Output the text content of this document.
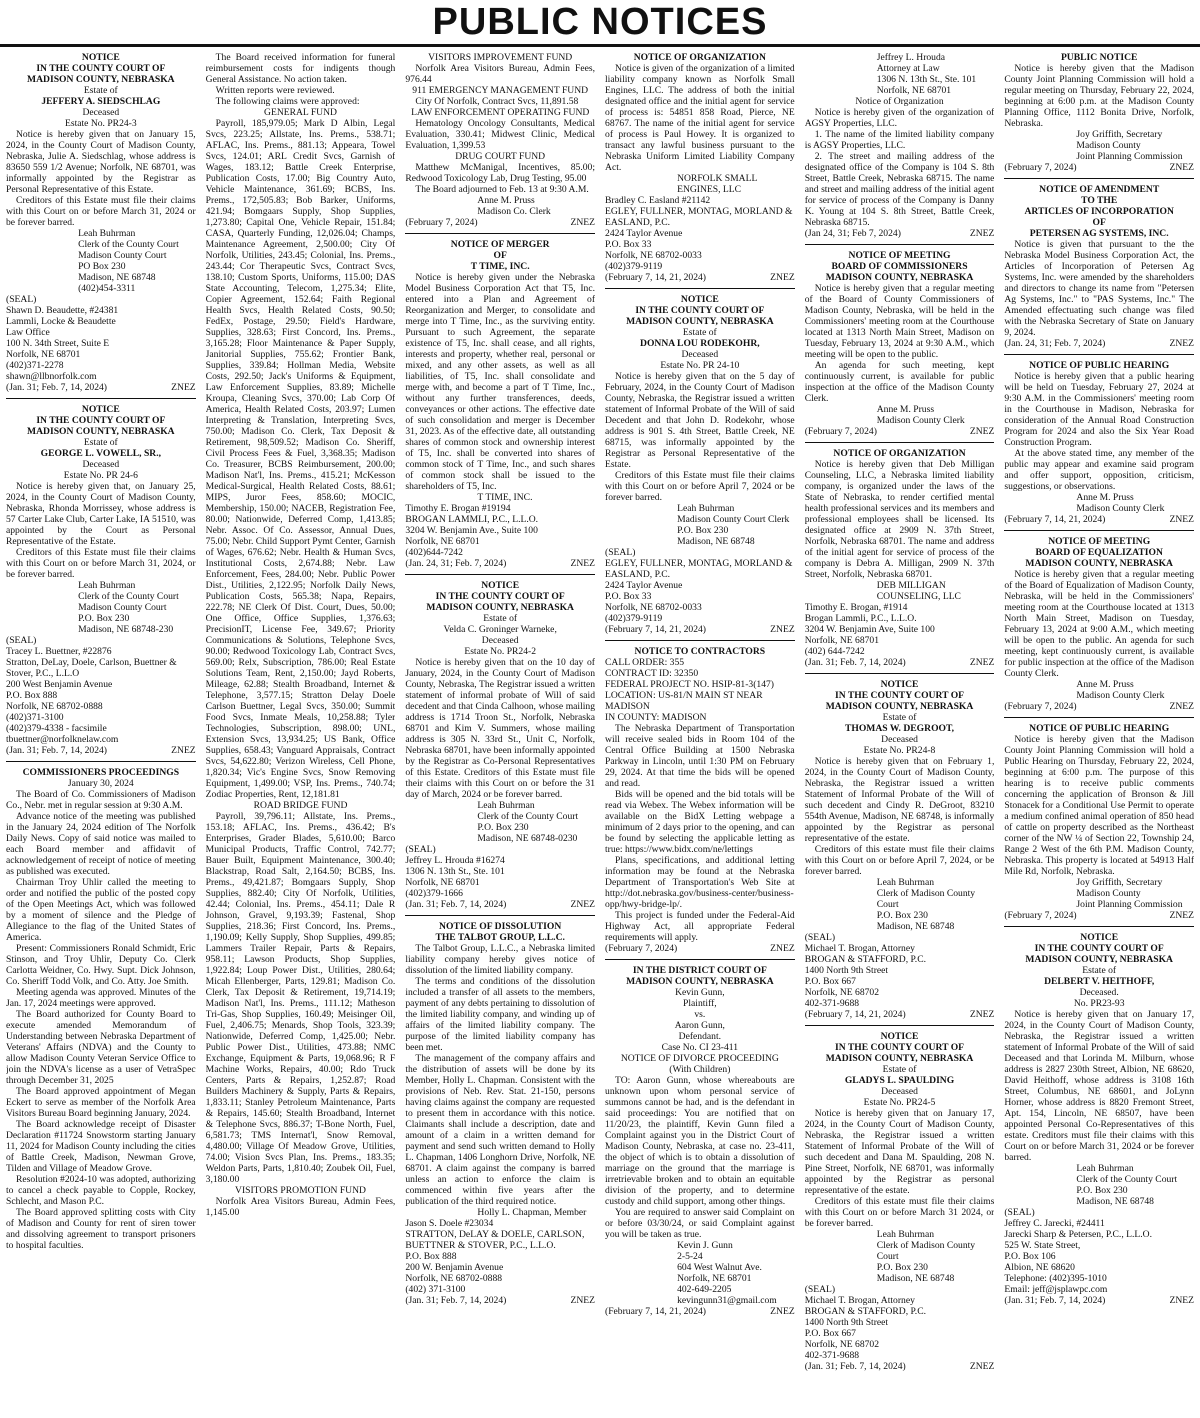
PUBLIC NOTICES
NOTICE
IN THE COUNTY COURT OF
MADISON COUNTY, NEBRASKA
Estate of
JEFFERY A. SIEDSCHLAG
Deceased
Estate No. PR24-3
Notice is hereby given that on January 15, 2024, in the County Court of Madison County, Nebraska, Julie A. Siedschlag, whose address is 83650 559 1/2 Avenue; Norfolk, NE 68701, was informally appointed by the Registrar as Personal Representative of this Estate.
Creditors of this Estate must file their claims with this Court on or before March 31, 2024 or be forever barred.
Leah Buhrman
Clerk of the County Court
Madison County Court
PO Box 230
Madison, NE 68748
(402)454-3311
(SEAL)
Shawn D. Beaudette, #24381
Lammli, Locke & Beaudette
Law Office
100 N. 34th Street, Suite E
Norfolk, NE 68701
(402)371-2278
shawn@llbnorfolk.com
(Jan. 31; Feb. 7, 14, 2024)	ZNEZ
NOTICE
IN THE COUNTY COURT OF
MADISON COUNTY, NEBRASKA
Estate of
GEORGE L. VOWELL, SR.,
Deceased
Estate No. PR 24-6
Notice is hereby given that, on January 25, 2024, in the County Court of Madison County, Nebraska, Rhonda Morrissey, whose address is 57 Carter Lake Club, Carter Lake, IA 51510, was appointed by the Court as Personal Representative of the Estate.
Creditors of this Estate must file their claims with this Court on or before March 31, 2024, or be forever barred.
Leah Buhrman
Clerk of the County Court
Madison County Court
P.O. Box 230
Madison, NE 68748-230
(SEAL)
Tracey L. Buettner, #22876
Stratton, DeLay, Doele, Carlson, Buettner & Stover, P.C., L.L.O
200 West Benjamin Avenue
P.O. Box 888
Norfolk, NE 68702-0888
(402)371-3100
(402)379-4338 - facsimile
tbuettner@norfolknelaw.com
(Jan. 31; Feb. 7, 14, 2024)	ZNEZ
COMMISSIONERS PROCEEDINGS
January 30, 2024
The Board of Co. Commissioners of Madison Co., Nebr. met in regular session at 9:30 A.M.
Advance notice of the meeting was published in the January 24, 2024 edition of The Norfolk Daily News. Copy of said notice was mailed to each Board member and affidavit of acknowledgement of receipt of notice of meeting as published was executed.
Chairman Troy Uhlir called the meeting to order and notified the public of the posted copy of the Open Meetings Act, which was followed by a moment of silence and the Pledge of Allegiance to the flag of the United States of America.
Present: Commissioners Ronald Schmidt, Eric Stinson, and Troy Uhlir, Deputy Co. Clerk Carlotta Weidner, Co. Hwy. Supt. Dick Johnson, Co. Sheriff Todd Volk, and Co. Atty. Joe Smith.
Meeting agenda was approved. Minutes of the Jan. 17, 2024 meetings were approved.
The Board authorized for County Board to execute amended Memorandum of Understanding between Nebraska Department of Veterans' Affairs (NDVA) and the County to allow Madison County Veteran Service Office to join the NDVA's license as a user of VetraSpec through December 31, 2025
The Board approved appointment of Megan Eckert to serve as member of the Norfolk Area Visitors Bureau Board beginning January, 2024.
The Board acknowledge receipt of Disaster Declaration #11724 Snowstorm starting January 11, 2024 for Madison County including the cities of Battle Creek, Madison, Newman Grove, Tilden and Village of Meadow Grove.
Resolution #2024-10 was adopted, authorizing to cancel a check payable to Copple, Rockey, Schlecht, and Mason P.C.
The Board approved splitting costs with City of Madison and County for rent of siren tower and dissolving agreement to transport prisoners to hospital faculties.
The Board received information for funeral reimbursement costs for indigents though General Assistance. No action taken.
Written reports were reviewed.
The following claims were approved:
GENERAL FUND
Payroll, 185,979.05; Mark D Albin, Legal Svcs, 223.25; Allstate, Ins. Prems., 538.71; AFLAC, Ins. Prems., 881.13; Appeara, Towel Svcs, 124.01; ARL Credit Svcs, Garnish of Wages, 183.12; Battle Creek Enterprise, Publication Costs, 17.00; Big Country Auto, Vehicle Maintenance, 361.69; BCBS, Ins. Prems., 172,505.83; Bob Barker, Uniforms, 421.94; Bomgaars Supply, Shop Supplies, 1,273.80; Capital One, Vehicle Repair, 151.84; CASA, Quarterly Funding, 12,026.04; Champs, Maintenance Agreement, 2,500.00; City Of Norfolk, Utilities, 243.45; Colonial, Ins. Prems., 243.44; Cor Therapeutic Svcs, Contract Svcs, 138.10; Custom Sports, Uniforms, 115.00; DAS State Accounting, Telecom, 1,275.34; Elite, Copier Agreement, 152.64; Faith Regional Health Svcs, Health Related Costs, 90.50; FedEx, Postage, 29.50; Field's Hardware, Supplies, 328.63; First Concord, Ins. Prems., 3,165.28; Floor Maintenance & Paper Supply, Janitorial Supplies, 755.62; Frontier Bank, Supplies, 339.84; Hollman Media, Website Costs, 292.50; Jack's Uniforms & Equipment, Law Enforcement Supplies, 83.89; Michelle Kroupa, Cleaning Svcs, 370.00; Lab Corp Of America, Health Related Costs, 203.97; Lumen Interpreting & Translation, Interpreting Svcs, 750.00; Madison Co. Clerk, Tax Deposit & Retirement, 98,509.52; Madison Co. Sheriff, Civil Process Fees & Fuel, 3,368.35; Madison Co. Treasurer, BCBS Reimbursement, 200.00; Madison Nat'l, Ins. Prems., 415.21; McKesson Medical-Surgical, Health Related Costs, 88.61; MIPS, Juror Fees, 858.60; MOCIC, Membership, 150.00; NACEB, Registration Fee, 80.00; Nationwide, Deferred Comp, 1,413.85; Nebr. Assoc. Of Co. Assessor, Annual Dues, 75.00; Nebr. Child Support Pymt Center, Garnish of Wages, 676.62; Nebr. Health & Human Svcs, Institutional Costs, 2,674.88; Nebr. Law Enforcement, Fees, 284.00; Nebr. Public Power Dist., Utilities, 2,122.95; Norfolk Daily News, Publication Costs, 565.38; Napa, Repairs, 222.78; NE Clerk Of Dist. Court, Dues, 50.00; One Office, Office Supplies, 1,376.63; PrecisionIT, License Fee, 349.67; Priority Communications & Solutions, Telephone Svcs, 90.00; Redwood Toxicology Lab, Contract Svcs, 569.00; Relx, Subscription, 786.00; Real Estate Solutions Team, Rent, 2,150.00; Jayd Roberts, Mileage, 62.88; Stealth Broadband, Internet & Telephone, 3,577.15; Stratton Delay Doele Carlson Buettner, Legal Svcs, 350.00; Summit Food Svcs, Inmate Meals, 10,258.88; Tyler Technologies, Subscription, 898.00; UNL, Extension Svcs, 13,934.25; US Bank, Office Supplies, 658.43; Vanguard Appraisals, Contract Svcs, 54,622.80; Verizon Wireless, Cell Phone, 1,820.34; Vic's Engine Svcs, Snow Removing Equipment, 1,499.00; VSP, Ins. Prems., 740.74; Zodiac Properties, Rent, 12,181.81
ROAD BRIDGE FUND
Payroll, 39,796.11; Allstate, Ins. Prems., 153.18; AFLAC, Ins. Prems., 436.42; B's Enterprises, Grader Blades, 5,610.00; Barco Municipal Products, Traffic Control, 742.77; Bauer Built, Equipment Maintenance, 300.40; Blackstrap, Road Salt, 2,164.50; BCBS, Ins. Prems., 49,421.87; Bomgaars Supply, Shop Supplies, 882.40; City Of Norfolk, Utilities, 42.44; Colonial, Ins. Prems., 454.11; Dale R Johnson, Gravel, 9,193.39; Fastenal, Shop Supplies, 218.36; First Concord, Ins. Prems., 1,190.09; Kelly Supply, Shop Supplies, 499.85; Lammers Trailer Repair, Parts & Repairs, 958.11; Lawson Products, Shop Supplies, 1,922.84; Loup Power Dist., Utilities, 280.64; Micah Ellenberger, Parts, 129.81; Madison Co. Clerk, Tax Deposit & Retirement, 19,714.19; Madison Nat'l, Ins. Prems., 111.12; Matheson Tri-Gas, Shop Supplies, 160.49; Meisinger Oil, Fuel, 2,406.75; Menards, Shop Tools, 323.39; Nationwide, Deferred Comp, 1,425.00; Nebr. Public Power Dist., Utilities, 473.88; NMC Exchange, Equipment & Parts, 19,068.96; R F Machine Works, Repairs, 40.00; Rdo Truck Centers, Parts & Repairs, 1,252.87; Road Builders Machinery & Supply, Parts & Repairs, 1,833.11; Stanley Petroleum Maintenance, Parts & Repairs, 145.60; Stealth Broadband, Internet & Telephone Svcs, 886.37; T-Bone North, Fuel, 6,581.73; TMS Internat'l, Snow Removal, 4,480.00; Village Of Meadow Grove, Utilities, 74.00; Vision Svcs Plan, Ins. Prems., 183.35; Weldon Parts, Parts, 1,810.40; Zoubek Oil, Fuel, 3,180.00
VISITORS PROMOTION FUND
Norfolk Area Visitors Bureau, Admin Fees, 1,145.00
VISITORS IMPROVEMENT FUND
Norfolk Area Visitors Bureau, Admin Fees, 976.44
911 EMERGENCY MANAGEMENT FUND
City Of Norfolk, Contract Svcs, 11,891.58
LAW ENFORCEMENT OPERATING FUND
Hematology Oncology Consultants, Medical Evaluation, 330.41; Midwest Clinic, Medical Evaluation, 1,399.53
DRUG COURT FUND
Matthew McManigal, Incentives, 85.00; Redwood Toxicology Lab, Drug Testing, 95.00
The Board adjourned to Feb. 13 at 9:30 A.M.
Anne M. Pruss
Madison Co. Clerk
(February 7, 2024)	ZNEZ
NOTICE OF MERGER
OF
T TIME, INC.
Notice is hereby given under the Nebraska Model Business Corporation Act that T5, Inc. entered into a Plan and Agreement of Reorganization and Merger, to consolidate and merge into T Time, Inc., as the surviving entity. Pursuant to such Agreement, the separate existence of T5, Inc. shall cease, and all rights, interests and property, whether real, personal or mixed, and any other assets, as well as all liabilities, of T5, Inc. shall consolidate and merge with, and become a part of T Time, Inc., without any further transferences, deeds, conveyances or other actions. The effective date of such consolidation and merger is December 31, 2023. As of the effective date, all outstanding shares of common stock and ownership interest of T5, Inc. shall be converted into shares of common stock of T Time, Inc., and such shares of common stock shall be issued to the shareholders of T5, Inc.
T TIME, INC.
Timothy E. Brogan #19194
BROGAN LAMMLI, P.C., L.L.O.
3204 W. Benjamin Ave., Suite 100
Norfolk, NE 68701
(402)644-7242
(Jan. 24, 31; Feb. 7, 2024)	ZNEZ
NOTICE
IN THE COUNTY COURT OF
MADISON COUNTY, NEBRASKA
Estate of
Velda C. Groninger Warneke,
Deceased
Estate No. PR24-2
Notice is hereby given that on the 10 day of January, 2024, in the County Court of Madison County, Nebraska, The Registrar issued a written statement of informal probate of Will of said decedent and that Cinda Calhoon, whose mailing address is 1714 Troon St., Norfolk, Nebraska 68701 and Kim V. Summers, whose mailing address is 305 N. 33rd St., Unit C, Norfolk, Nebraska 68701, have been informally appointed by the Registrar as Co-Personal Representatives of this Estate. Creditors of this Estate must file their claims with this Court on or before the 31 day of March, 2024 or be forever barred.
Leah Buhrman
Clerk of the County Court
P.O. Box 230
Madison, NE 68748-0230
(SEAL)
Jeffrey L. Hrouda #16274
1306 N. 13th St., Ste. 101
Norfolk, NE 68701
(402)379-1666
(Jan. 31; Feb. 7, 14, 2024)	ZNEZ
NOTICE OF DISSOLUTION
THE TALBOT GROUP, L.L.C.
The Talbot Group, L.L.C., a Nebraska limited liability company hereby gives notice of dissolution of the limited liability company.
The terms and conditions of the dissolution included a transfer of all assets to the members, payment of any debts pertaining to dissolution of the limited liability company, and winding up of affairs of the limited liability company. The purpose of the limited liability company has been met.
The management of the company affairs and the distribution of assets will be done by its Member, Holly L. Chapman. Consistent with the provisions of Neb. Rev. Stat. 21-150, persons having claims against the company are requested to present them in accordance with this notice. Claimants shall include a description, date and amount of a claim in a written demand for payment and send such written demand to Holly L. Chapman, 1406 Longhorn Drive, Norfolk, NE 68701. A claim against the company is barred unless an action to enforce the claim is commenced within five years after the publication of the third required notice.
Holly L. Chapman, Member
Jason S. Doele #23034
STRATTON, DeLAY & DOELE, CARLSON, BUETTNER & STOVER, P.C., L.L.O.
P.O. Box 888
200 W. Benjamin Avenue
Norfolk, NE 68702-0888
(402) 371-3100
(Jan. 31; Feb. 7, 14, 2024)	ZNEZ
NOTICE OF ORGANIZATION
Notice is given of the organization of a limited liability company known as Norfolk Small Engines, LLC. The address of both the initial designated office and the initial agent for service of process is: 54851 858 Road, Pierce, NE 68767. The name of the initial agent for service of process is Paul Howey. It is organized to transact any lawful business pursuant to the Nebraska Uniform Limited Liability Company Act.
NORFOLK SMALL ENGINES, LLC
Bradley C. Easland #21142
EGLEY, FULLNER, MONTAG, MORLAND & EASLAND, P.C.
2424 Taylor Avenue
P.O. Box 33
Norfolk, NE 68702-0033
(402)379-9119
(February 7, 14, 21, 2024)	ZNEZ
NOTICE
IN THE COUNTY COURT OF
MADISON COUNTY, NEBRASKA
Estate of
DONNA LOU RODEKOHR,
Deceased
Estate No. PR 24-10
Notice is hereby given that on the 5 day of February, 2024, in the County Court of Madison County, Nebraska, the Registrar issued a written statement of Informal Probate of the Will of said Decedent and that John D. Rodekohr, whose address is 901 S. 4th Street, Battle Creek, NE 68715, was informally appointed by the Registrar as Personal Representative of the Estate.
Creditors of this Estate must file their claims with this Court on or before April 7, 2024 or be forever barred.
Leah Buhrman
Madison County Court Clerk
P.O. Box 230
Madison, NE 68748
(SEAL)
EGLEY, FULLNER, MONTAG, MORLAND & EASLAND, P.C.
2424 Taylor Avenue
P.O. Box 33
Norfolk, NE 68702-0033
(402)379-9119
(February 7, 14, 21, 2024)	ZNEZ
NOTICE TO CONTRACTORS
CALL ORDER: 355
CONTRACT ID: 32350
FEDERAL PROJECT NO. HSIP-81-3(147)
LOCATION: US-81/N MAIN ST NEAR MADISON
IN COUNTY: MADISON
The Nebraska Department of Transportation will receive sealed bids in Room 104 of the Central Office Building at 1500 Nebraska Parkway in Lincoln, until 1:30 PM on February 29, 2024. At that time the bids will be opened and read.
Bids will be opened and the bid totals will be read via Webex. The Webex information will be available on the BidX Letting webpage a minimum of 2 days prior to the opening, and can be found by selecting the applicable letting as true: https://www.bidx.com/ne/lettings
Plans, specifications, and additional letting information may be found at the Nebraska Department of Transportation's Web Site at http://dot.nebraska.gov/business-center/business-opp/hwy-bridge-lp/.
This project is funded under the Federal-Aid Highway Act, all appropriate Federal requirements will apply.
(February 7, 2024)	ZNEZ
IN THE DISTRICT COURT OF
MADISON COUNTY, NEBRASKA
Kevin Gunn,
Plaintiff,
vs.
Aaron Gunn,
Defendant.
Case No. CI 23-411
NOTICE OF DIVORCE PROCEEDING
(With Children)
TO: Aaron Gunn, whose whereabouts are unknown upon whom personal service of summons cannot be had, and is the defendant in said proceedings: You are notified that on 11/20/23, the plaintiff, Kevin Gunn filed a Complaint against you in the District Court of Madison County, Nebraska, at case no. 23-411, the object of which is to obtain a dissolution of marriage on the ground that the marriage is irretrievable broken and to obtain an equitable division of the property, and to determine custody and child support, among other things.
You are required to answer said Complaint on or before 03/30/24, or said Complaint against you will be taken as true.
Kevin J. Gunn
2-5-24
604 West Walnut Ave.
Norfolk, NE 68701
402-649-2205
kevingunn31@gmail.com
(February 7, 14, 21, 2024)	ZNEZ
Jeffrey L. Hrouda
Attorney at Law
1306 N. 13th St., Ste. 101
Norfolk, NE 68701
Notice of Organization
Notice is hereby given of the organization of AGSY Properties, LLC.
1. The name of the limited liability company is AGSY Properties, LLC.
2. The street and mailing address of the designated office of the Company is 104 S. 8th Street, Battle Creek, Nebraska 68715. The name and street and mailing address of the initial agent for service of process of the Company is Danny K. Young at 104 S. 8th Street, Battle Creek, Nebraska 68715.
(Jan 24, 31; Feb 7, 2024)	ZNEZ
NOTICE OF MEETING
BOARD OF COMMISSIONERS
MADISON COUNTY, NEBRASKA
Notice is hereby given that a regular meeting of the Board of County Commissioners of Madison County, Nebraska, will be held in the Commissioners' meeting room at the Courthouse located at 1313 North Main Street, Madison on Tuesday, February 13, 2024 at 9:30 A.M., which meeting will be open to the public.
An agenda for such meeting, kept continuously current, is available for public inspection at the office of the Madison County Clerk.
Anne M. Pruss
Madison County Clerk
(February 7, 2024)	ZNEZ
NOTICE OF ORGANIZATION
Notice is hereby given that Deb Milligan Counseling, LLC, a Nebraska limited liability company, is organized under the laws of the State of Nebraska, to render certified mental health professional services and its members and professional employees shall be licensed. Its designated office at 2909 N. 37th Street, Norfolk, Nebraska 68701. The name and address of the initial agent for service of process of the company is Debra A. Milligan, 2909 N. 37th Street, Norfolk, Nebraska 68701.
DEB MILLIGAN COUNSELING, LLC
Timothy E. Brogan, #1914
Brogan Lammli, P.C., L.L.O.
3204 W. Benjamin Ave, Suite 100
Norfolk, NE 68701
(402) 644-7242
(Jan. 31; Feb. 7, 14, 2024)	ZNEZ
NOTICE
IN THE COUNTY COURT OF
MADISON COUNTY, NEBRASKA
Estate of
THOMAS W. DEGROOT,
Deceased
Estate No. PR24-8
Notice is hereby given that on February 1, 2024, in the County Court of Madison County, Nebraska, the Registrar issued a written Statement of Informal Probate of the Will of such decedent and Cindy R. DeGroot, 83210 554th Avenue, Madison, NE 68748, is informally appointed by the Registrar as personal representative of the estate.
Creditors of this estate must file their claims with this Court on or before April 7, 2024, or be forever barred.
Leah Buhrman
Clerk of Madison County Court
P.O. Box 230
Madison, NE 68748
(SEAL)
Michael T. Brogan, Attorney
BROGAN & STAFFORD, P.C.
1400 North 9th Street
P.O. Box 667
Norfolk, NE 68702
402-371-9688
(February 7, 14, 21, 2024)	ZNEZ
NOTICE
IN THE COUNTY COURT OF
MADISON COUNTY, NEBRASKA
Estate of
GLADYS L. SPAULDING
Deceased
Estate No. PR24-5
Notice is hereby given that on January 17, 2024, in the County Court of Madison County, Nebraska, the Registrar issued a written Statement of Informal Probate of the Will of such decedent and Dana M. Spaulding, 208 N. Pine Street, Norfolk, NE 68701, was informally appointed by the Registrar as personal representative of the estate.
Creditors of this estate must file their claims with this Court on or before March 31 2024, or be forever barred.
Leah Buhrman
Clerk of Madison County Court
P.O. Box 230
Madison, NE 68748
(SEAL)
Michael T. Brogan, Attorney
BROGAN & STAFFORD, P.C.
1400 North 9th Street
P.O. Box 667
Norfolk, NE 68702
402-371-9688
(Jan. 31; Feb. 7, 14, 2024)	ZNEZ
PUBLIC NOTICE
Notice is hereby given that the Madison County Joint Planning Commission will hold a regular meeting on Thursday, February 22, 2024, beginning at 6:00 p.m. at the Madison County Planning Office, 1112 Bonita Drive, Norfolk, Nebraska.
Joy Griffith, Secretary
Madison County
Joint Planning Commission
(February 7, 2024)	ZNEZ
NOTICE OF AMENDMENT
TO THE
ARTICLES OF INCORPORATION
OF
PETERSEN AG SYSTEMS, INC.
Notice is given that pursuant to the the Nebraska Model Business Corporation Act, the Articles of Incorporation of Petersen Ag Systems, Inc. were amended by the shareholders and directors to change its name from "Petersen Ag Systems, Inc." to "PAS Systems, Inc." The Amended effectuating such change was filed with the Nebraska Secretary of State on January 9, 2024.
(Jan. 24, 31; Feb. 7, 2024)	ZNEZ
NOTICE OF PUBLIC HEARING
Notice is hereby given that a public hearing will be held on Tuesday, February 27, 2024 at 9:30 A.M. in the Commissioners' meeting room in the Courthouse in Madison, Nebraska for consideration of the Annual Road Construction Program for 2024 and also the Six Year Road Construction Program.
At the above stated time, any member of the public may appear and examine said program and offer support, opposition, criticism, suggestions, or observations.
Anne M. Pruss
Madison County Clerk
(February 7, 14, 21, 2024)	ZNEZ
NOTICE OF MEETING
BOARD OF EQUALIZATION
MADISON COUNTY, NEBRASKA
Notice is hereby given that a regular meeting of the Board of Equalization of Madison County, Nebraska, will be held in the Commissioners' meeting room at the Courthouse located at 1313 North Main Street, Madison on Tuesday, February 13, 2024 at 9:00 A.M., which meeting will be open to the public. An agenda for such meeting, kept continuously current, is available for public inspection at the office of the Madison County Clerk.
Anne M. Pruss
Madison County Clerk
(February 7, 2024)	ZNEZ
NOTICE OF PUBLIC HEARING
Notice is hereby given that the Madison County Joint Planning Commission will hold a Public Hearing on Thursday, February 22, 2024, beginning at 6:00 p.m. The purpose of this hearing is to receive public comments concerning the application of Bronson & Jill Stonacek for a Conditional Use Permit to operate a medium confined animal operation of 850 head of cattle on property described as the Northeast corner of the NW ¼ of Section 22, Township 24, Range 2 West of the 6th P.M. Madison County, Nebraska. This property is located at 54913 Half Mile Rd, Norfolk, Nebraska.
Joy Griffith, Secretary
Madison County
Joint Planning Commission
(February 7, 2024)	ZNEZ
NOTICE
IN THE COUNTY COURT OF
MADISON COUNTY, NEBRASKA
Estate of
DELBERT V. HEITHOFF,
Deceased.
No. PR23-93
Notice is hereby given that on January 17, 2024, in the County Court of Madison County, Nebraska, the Registrar issued a written statement of Informal Probate of the Will of said Deceased and that Lorinda M. Milburn, whose address is 2827 230th Street, Albion, NE 68620, David Heithoff, whose address is 3108 16th Street, Columbus, NE 68601, and JoLynn Horner, whose address is 8820 Fremont Street, Apt. 154, Lincoln, NE 68507, have been appointed Personal Co-Representatives of this estate. Creditors must file their claims with this Court on or before March 31, 2024 or be forever barred.
Leah Buhrman
Clerk of the County Court
P.O. Box 230
Madison, NE 68748
(SEAL)
Jeffrey C. Jarecki, #24411
Jarecki Sharp & Petersen, P.C., L.L.O.
525 W. State Street,
P.O. Box 106
Albion, NE 68620
Telephone: (402)395-1010
Email: jeff@jsplawpc.com
(Jan. 31; Feb. 7, 14, 2024)	ZNEZ
